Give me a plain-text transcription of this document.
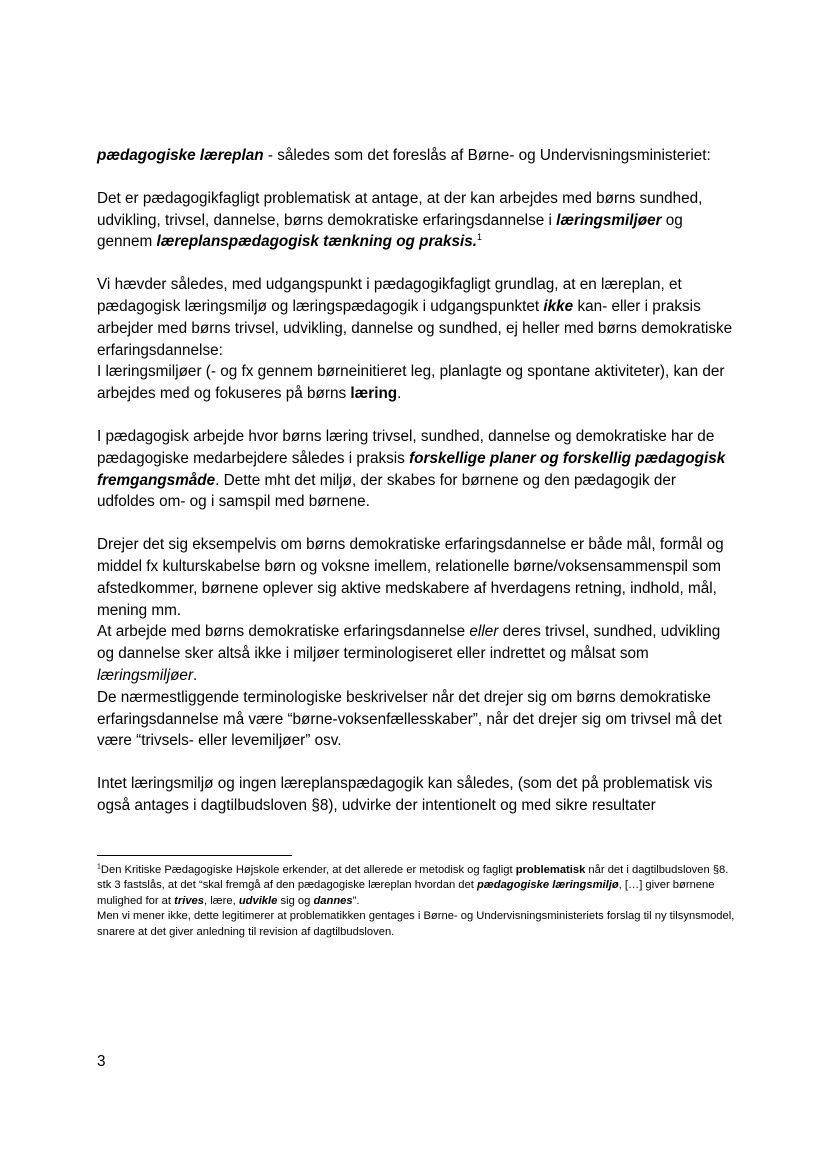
pædagogiske læreplan - således som det foreslås af Børne- og Undervisningsministeriet:

Det er pædagogikfagligt problematisk at antage, at der kan arbejdes med børns sundhed, udvikling, trivsel, dannelse, børns demokratiske erfaringsdannelse i læringsmiljøer og gennem læreplanspædagogisk tænkning og praksis.$^1$

Vi hævder således, med udgangspunkt i pædagogikfagligt grundlag, at en læreplan, et pædagogisk læringsmiljø og læringspædagogik i udgangspunktet ikke kan- eller i praksis arbejder med børns trivsel, udvikling, dannelse og sundhed, ej heller med børns demokratiske erfaringsdannelse:
I læringsmiljøer (- og fx gennem børneinitieret leg, planlagte og spontane aktiviteter), kan der arbejdes med og fokuseres på børns læring.

I pædagogisk arbejde hvor børns læring trivsel, sundhed, dannelse og demokratiske har de pædagogiske medarbejdere således i praksis forskellige planer og forskellig pædagogisk fremgangsmåde. Dette mht det miljø, der skabes for børnene og den pædagogik der udfoldes om- og i samspil med børnene.

Drejer det sig eksempelvis om børns demokratiske erfaringsdannelse er både mål, formål og middel fx kulturskabelse børn og voksne imellem, relationelle børne/voksensammenspil som afstedkommer, børnene oplever sig aktive medskabere af hverdagens retning, indhold, mål, mening mm.
At arbejde med børns demokratiske erfaringsdannelse eller deres trivsel, sundhed, udvikling og dannelse sker altså ikke i miljøer terminologiseret eller indrettet og målsat som læringsmiljøer.
De nærmestliggende terminologiske beskrivelser når det drejer sig om børns demokratiske erfaringsdannelse må være “børne-voksenfællesskaber”, når det drejer sig om trivsel må det være “trivsels- eller levemiljøer” osv.

Intet læringsmiljø og ingen læreplanspædagogik kan således, (som det på problematisk vis også antages i dagtilbudsloven §8), udvirke der intentionelt og med sikre resultater

$^1$Den Kritiske Pædagogiske Højskole erkender, at det allerede er metodisk og fagligt problematisk når det i dagtilbudsloven §8. stk 3 fastslås, at det “skal fremgå af den pædagogiske læreplan hvordan det pædagogiske læringsmiljø, […] giver børnene mulighed for at trives, lære, udvikle sig og dannes”.
Men vi mener ikke, dette legitimerer at problematikken gentages i Børne- og Undervisningsministeriets forslag til ny tilsynsmodel, snarere at det giver anledning til revision af dagtilbudsloven.

3
